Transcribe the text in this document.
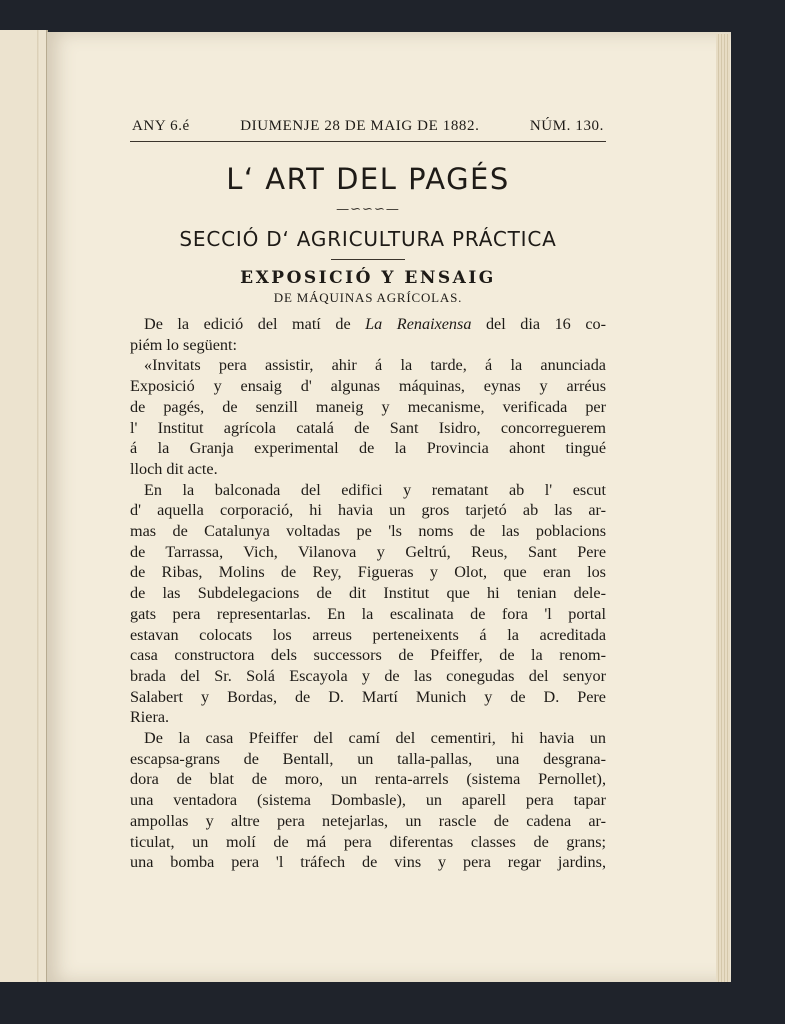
ANY 6.é	DIUMENJE 28 DE MAIG DE 1882.	NÚM. 130.
L‘ ART DEL PAGÉS
—∽∽∽—
SECCIÓ D‘ AGRICULTURA PRÁCTICA
EXPOSICIÓ Y ENSAIG
DE MÁQUINAS AGRÍCOLAS.
De la edició del matí de La Renaixensa del dia 16 co-
piém lo següent:
«Invitats pera assistir, ahir á la tarde, á la anunciada
Exposició y ensaig d' algunas máquinas, eynas y arréus
de pagés, de senzill maneig y mecanisme, verificada per
l' Institut agrícola catalá de Sant Isidro, concorreguerem
á la Granja experimental de la Provincia ahont tingué
lloch dit acte.
En la balconada del edifici y rematant ab l' escut
d' aquella corporació, hi havia un gros tarjetó ab las ar-
mas de Catalunya voltadas pe 'ls noms de las poblacions
de Tarrassa, Vich, Vilanova y Geltrú, Reus, Sant Pere
de Ribas, Molins de Rey, Figueras y Olot, que eran los
de las Subdelegacions de dit Institut que hi tenian dele-
gats pera representarlas. En la escalinata de fora 'l portal
estavan colocats los arreus perteneixents á la acreditada
casa constructora dels successors de Pfeiffer, de la renom-
brada del Sr. Solá Escayola y de las conegudas del senyor
Salabert y Bordas, de D. Martí Munich y de D. Pere
Riera.
De la casa Pfeiffer del camí del cementiri, hi havia un
escapsa-grans de Bentall, un talla-pallas, una desgrana-
dora de blat de moro, un renta-arrels (sistema Pernollet),
una ventadora (sistema Dombasle), un aparell pera tapar
ampollas y altre pera netejarlas, un rascle de cadena ar-
ticulat, un molí de má pera diferentas classes de grans;
una bomba pera 'l tráfech de vins y pera regar jardins,
